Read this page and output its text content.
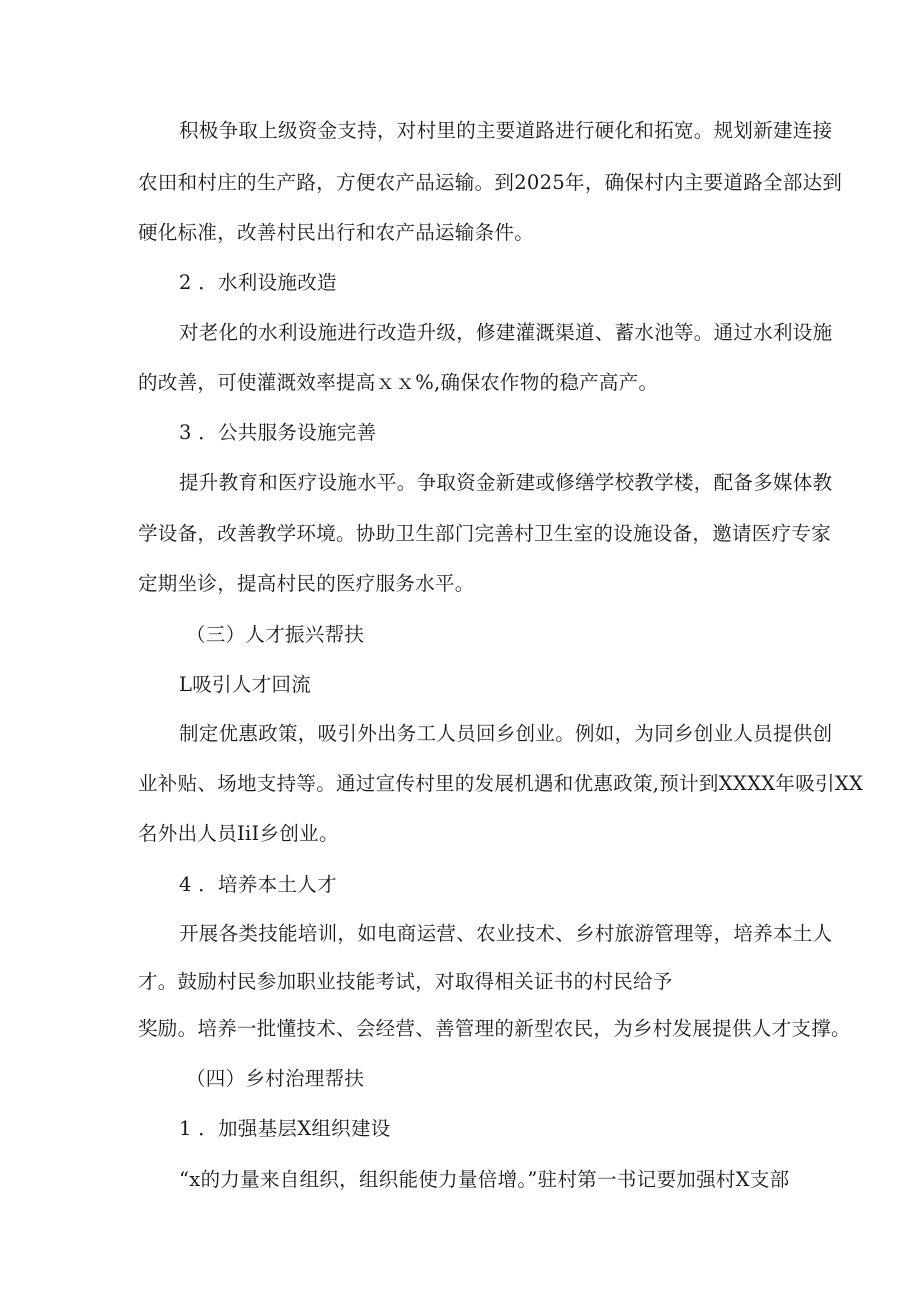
积极争取上级资金支持，对村里的主要道路进行硬化和拓宽。规划新建连接
农田和村庄的生产路，方便农产品运输。到2025年，确保村内主要道路全部达到
硬化标准，改善村民出行和农产品运输条件。
2 ．水利设施改造
对老化的水利设施进行改造升级，修建灌溉渠道、蓄水池等。通过水利设施
的改善，可使灌溉效率提高ｘｘ%,确保农作物的稳产高产。
3 ．公共服务设施完善
提升教育和医疗设施水平。争取资金新建或修缮学校教学楼，配备多媒体教
学设备，改善教学环境。协助卫生部门完善村卫生室的设施设备，邀请医疗专家
定期坐诊，提高村民的医疗服务水平。
（三）人才振兴帮扶
L吸引人才回流
制定优惠政策，吸引外出务工人员回乡创业。例如，为同乡创业人员提供创
业补贴、场地支持等。通过宣传村里的发展机遇和优惠政策,预计到XXXX年吸引XX
名外出人员IiI乡创业。
4 ．培养本土人才
开展各类技能培训，如电商运营、农业技术、乡村旅游管理等，培养本土人
才。鼓励村民参加职业技能考试，对取得相关证书的村民给予
奖励。培养一批懂技术、会经营、善管理的新型农民，为乡村发展提供人才支撑。
（四）乡村治理帮扶
1 ．加强基层X组织建设
“x的力量来自组织，组织能使力量倍增。”驻村第一书记要加强村X支部
